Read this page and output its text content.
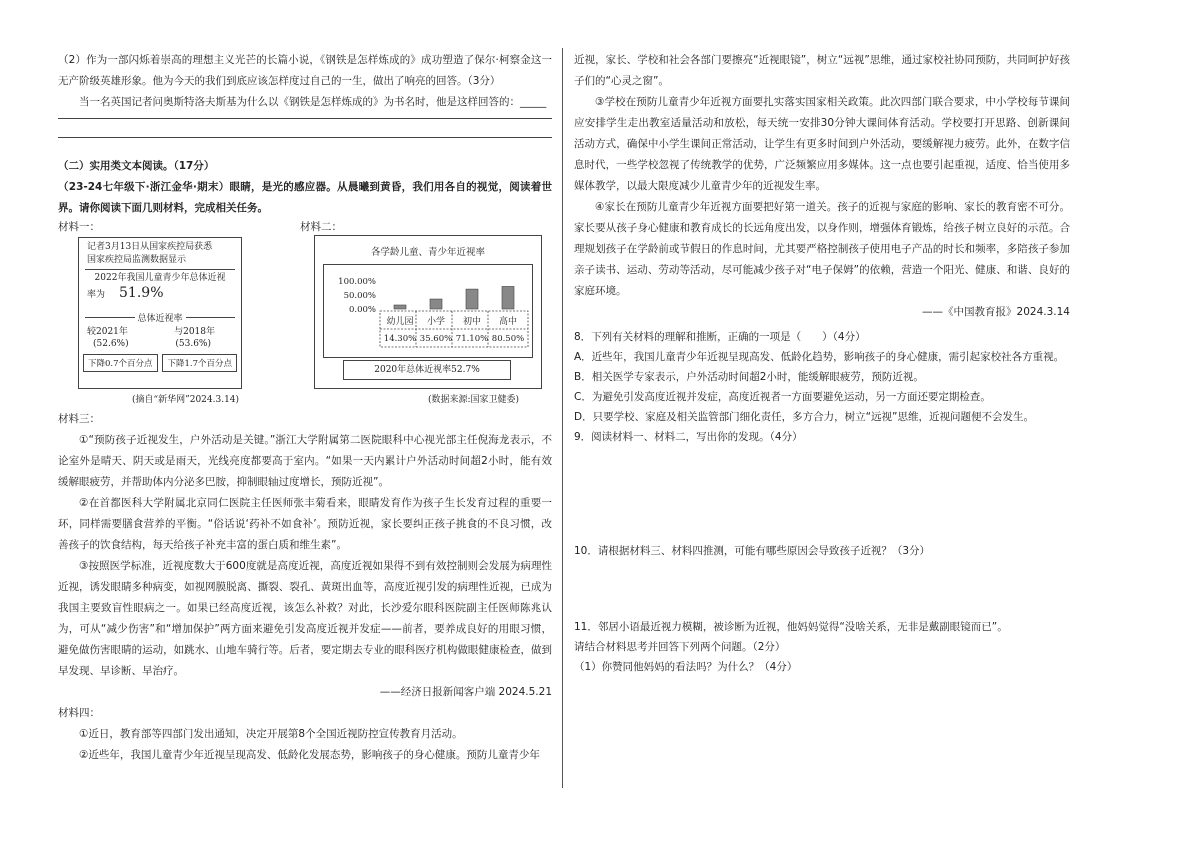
（2）作为一部闪烁着崇高的理想主义光芒的长篇小说，《钢铁是怎样炼成的》成功塑造了保尔·柯察金这一无产阶级英雄形象。他为今天的我们到底应该怎样度过自己的一生，做出了响亮的回答。（3分）

当一名英国记者问奥斯特洛夫斯基为什么以《钢铁是怎样炼成的》为书名时，他是这样回答的：_____

（二）实用类文本阅读。（17分）

（23-24七年级下·浙江金华·期末）眼睛，是光的感应器。从晨曦到黄昏，我们用各自的视觉，阅读着世界。请你阅读下面几则材料，完成相关任务。

材料一：	材料二：
记者3月13日从国家疾控局获悉
国家疾控局监测数据显示
2022年我国儿童青少年总体近视
率为 51.9%
总体近视率
较2021年	与2018年
(52.6%)	(53.6%)
下降0.7个百分点	下降1.7个百分点
(摘自“新华网”2024.3.14)
各学龄儿童、青少年近视率
100.00%
50.00%
0.00%
幼儿园
14.30%
小学
35.60%
初中
71.10%
高中
80.50%
2020年总体近视率52.7%
(数据来源:国家卫健委)

材料三：

①“预防孩子近视发生，户外活动是关键。”浙江大学附属第二医院眼科中心视光部主任倪海龙表示，不论室外是晴天、阴天或是雨天，光线亮度都要高于室内。“如果一天内累计户外活动时间超2小时，能有效缓解眼疲劳，并帮助体内分泌多巴胺，抑制眼轴过度增长，预防近视”。

②在首都医科大学附属北京同仁医院主任医师张丰菊看来，眼睛发育作为孩子生长发育过程的重要一环，同样需要膳食营养的平衡。“俗话说‘药补不如食补’。预防近视，家长要纠正孩子挑食的不良习惯，改善孩子的饮食结构，每天给孩子补充丰富的蛋白质和维生素”。

③按照医学标准，近视度数大于600度就是高度近视，高度近视如果得不到有效控制则会发展为病理性近视，诱发眼睛多种病变，如视网膜脱离、撕裂、裂孔、黄斑出血等，高度近视引发的病理性近视，已成为我国主要致盲性眼病之一。如果已经高度近视，该怎么补救？对此，长沙爱尔眼科医院副主任医师陈兆认为，可从“减少伤害”和“增加保护”两方面来避免引发高度近视并发症——前者，要养成良好的用眼习惯，避免做伤害眼睛的运动，如跳水、山地车骑行等。后者，要定期去专业的眼科医疗机构做眼健康检查，做到早发现、早诊断、早治疗。

——经济日报新闻客户端 2024.5.21

材料四：

①近日，教育部等四部门发出通知，决定开展第8个全国近视防控宣传教育月活动。

②近些年，我国儿童青少年近视呈现高发、低龄化发展态势，影响孩子的身心健康。预防儿童青少年

近视，家长、学校和社会各部门要擦亮“近视眼镜”，树立“远视”思维，通过家校社协同预防，共同呵护好孩子们的“心灵之窗”。

③学校在预防儿童青少年近视方面要扎实落实国家相关政策。此次四部门联合要求，中小学校每节课间应安排学生走出教室适量活动和放松，每天统一安排30分钟大课间体育活动。学校要打开思路、创新课间活动方式，确保中小学生课间正常活动，让学生有更多时间到户外活动，要缓解视力疲劳。此外，在数字信息时代，一些学校忽视了传统教学的优势，广泛频繁应用多媒体。这一点也要引起重视，适度、恰当使用多媒体教学，以最大限度减少儿童青少年的近视发生率。

④家长在预防儿童青少年近视方面要把好第一道关。孩子的近视与家庭的影响、家长的教育密不可分。家长要从孩子身心健康和教育成长的长远角度出发，以身作则，增强体育锻炼，给孩子树立良好的示范。合理规划孩子在学龄前或节假日的作息时间，尤其要严格控制孩子使用电子产品的时长和频率，多陪孩子参加亲子读书、运动、劳动等活动，尽可能减少孩子对“电子保姆”的依赖，营造一个阳光、健康、和谐、良好的家庭环境。

——《中国教育报》2024.3.14

8．下列有关材料的理解和推断，正确的一项是（　　）（4分）

A．近些年，我国儿童青少年近视呈现高发、低龄化趋势，影响孩子的身心健康，需引起家校社各方重视。

B．相关医学专家表示，户外活动时间超2小时，能缓解眼疲劳，预防近视。

C．为避免引发高度近视并发症，高度近视者一方面要避免运动，另一方面还要定期检查。

D．只要学校、家庭及相关监管部门细化责任，多方合力，树立“远视”思维，近视问题便不会发生。

9．阅读材料一、材料二，写出你的发现。（4分）

10．请根据材料三、材料四推测，可能有哪些原因会导致孩子近视？（3分）

11．邻居小语最近视力模糊，被诊断为近视，他妈妈觉得“没啥关系，无非是戴副眼镜而已”。

请结合材料思考并回答下列两个问题。（2分）

（1）你赞同他妈妈的看法吗？为什么？（4分）
